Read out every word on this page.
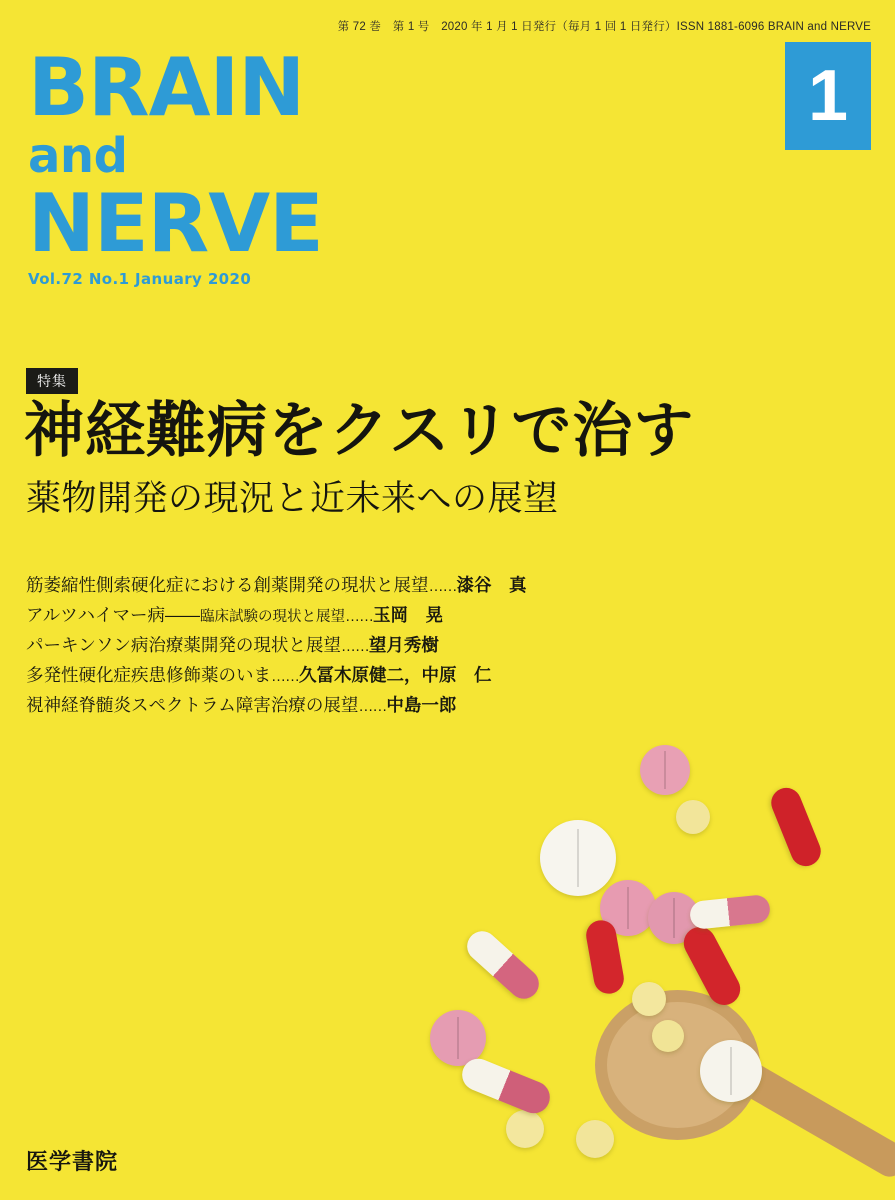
第 72 巻　第 1 号　2020 年 1 月 1 日発行（毎月 1 回 1 日発行）ISSN 1881-6096 BRAIN and NERVE
1
BRAIN
and
NERVE
Vol.72 No.1 January 2020
特集
神経難病をクスリで治す
薬物開発の現況と近未来への展望
筋萎縮性側索硬化症における創薬開発の現状と展望……漆谷　真
アルツハイマー病――臨床試験の現状と展望……玉岡　晃
パーキンソン病治療薬開発の現状と展望……望月秀樹
多発性硬化症疾患修飾薬のいま……久冨木原健二，中原　仁
視神経脊髄炎スペクトラム障害治療の展望……中島一郎
医学書院
